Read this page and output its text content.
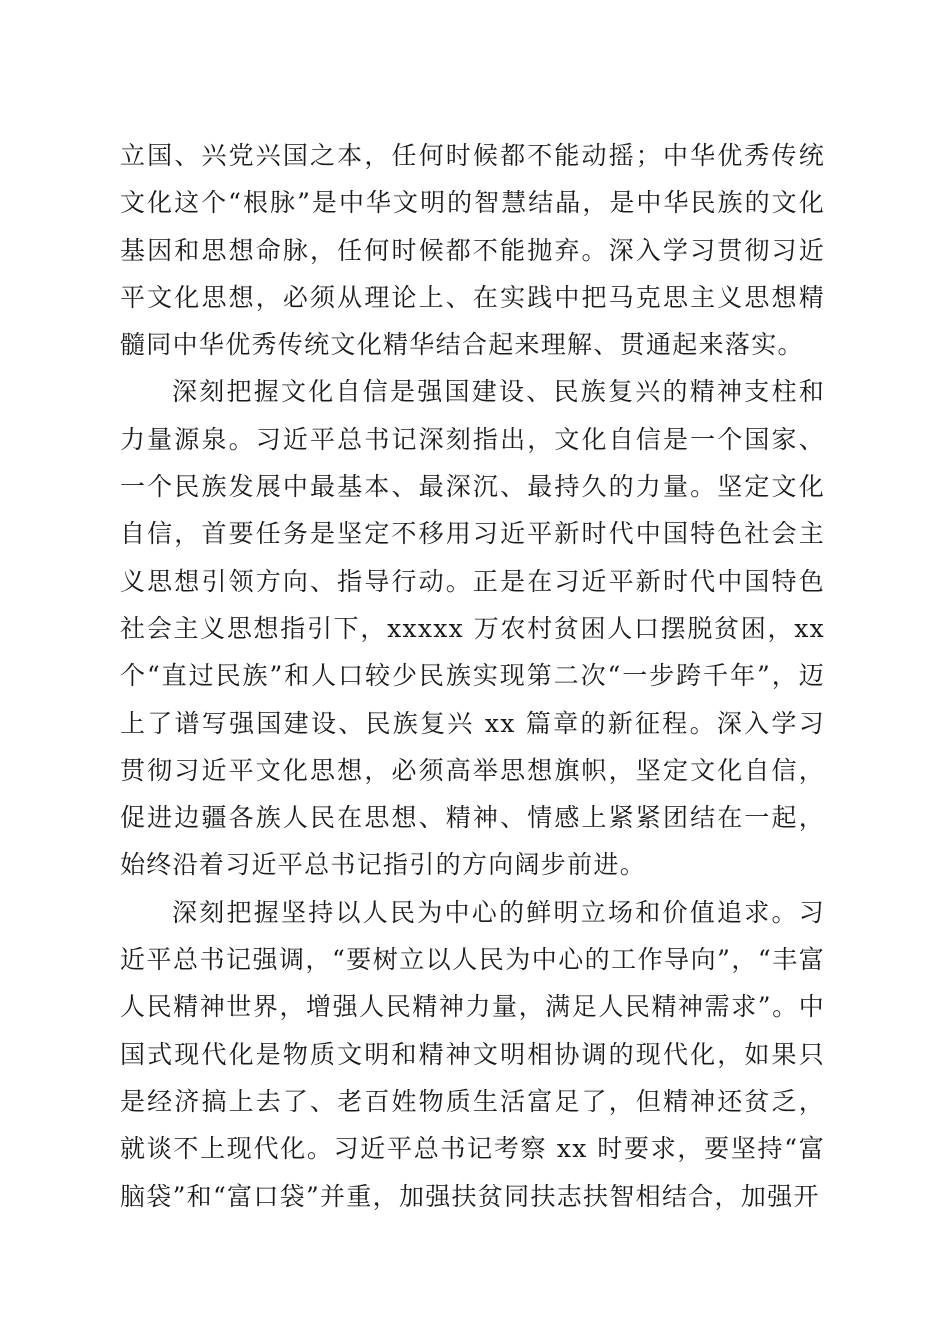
立国、兴党兴国之本，任何时候都不能动摇；中华优秀传统文化这个“根脉”是中华文明的智慧结晶，是中华民族的文化基因和思想命脉，任何时候都不能抛弃。深入学习贯彻习近平文化思想，必须从理论上、在实践中把马克思主义思想精髓同中华优秀传统文化精华结合起来理解、贯通起来落实。

深刻把握文化自信是强国建设、民族复兴的精神支柱和力量源泉。习近平总书记深刻指出，文化自信是一个国家、一个民族发展中最基本、最深沉、最持久的力量。坚定文化自信，首要任务是坚定不移用习近平新时代中国特色社会主义思想引领方向、指导行动。正是在习近平新时代中国特色社会主义思想指引下，xxxxx 万农村贫困人口摆脱贫困，xx 个“直过民族”和人口较少民族实现第二次“一步跨千年”，迈上了谱写强国建设、民族复兴 xx 篇章的新征程。深入学习贯彻习近平文化思想，必须高举思想旗帜，坚定文化自信，促进边疆各族人民在思想、精神、情感上紧紧团结在一起，始终沿着习近平总书记指引的方向阔步前进。

深刻把握坚持以人民为中心的鲜明立场和价值追求。习近平总书记强调，“要树立以人民为中心的工作导向”，“丰富人民精神世界，增强人民精神力量，满足人民精神需求”。中国式现代化是物质文明和精神文明相协调的现代化，如果只是经济搞上去了、老百姓物质生活富足了，但精神还贫乏，就谈不上现代化。习近平总书记考察 xx 时要求，要坚持“富脑袋”和“富口袋”并重，加强扶贫同扶志扶智相结合，加强开
